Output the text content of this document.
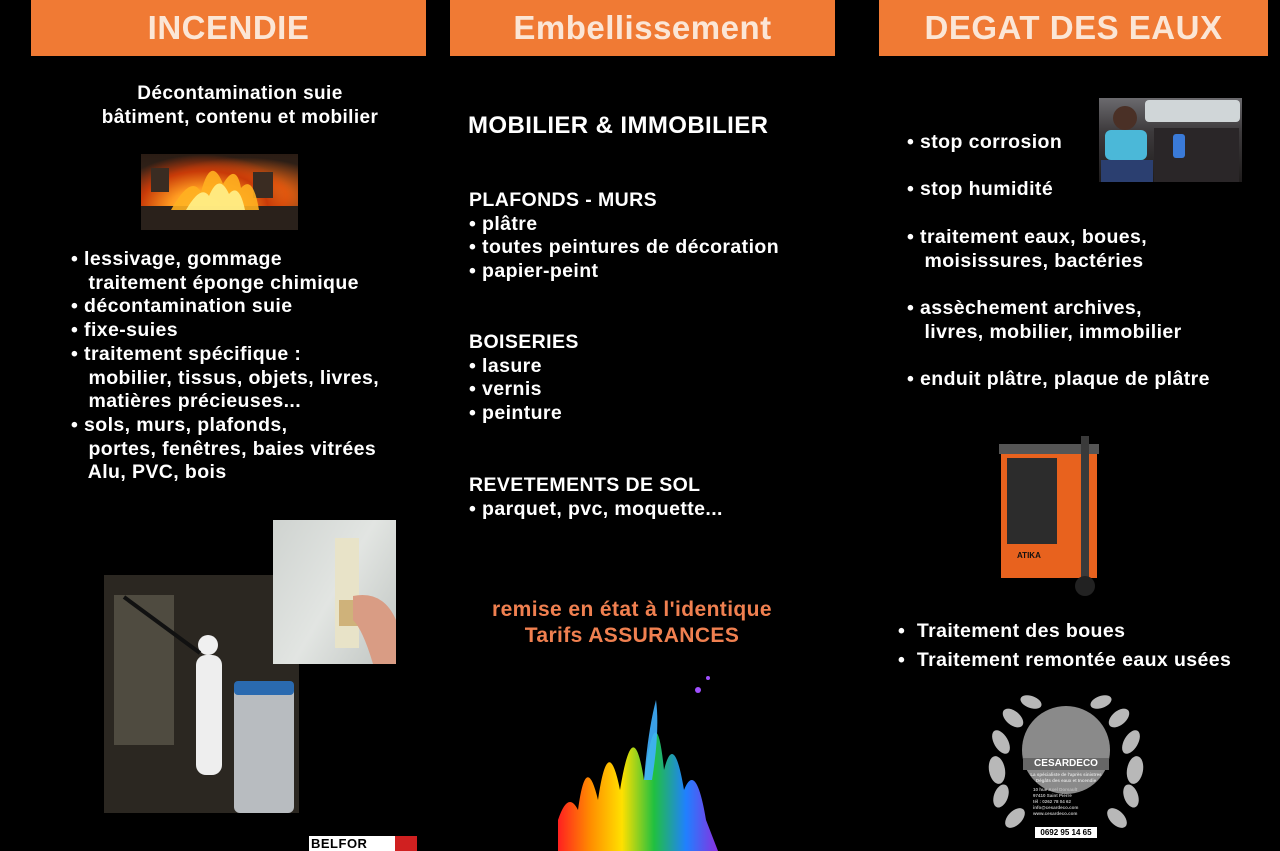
INCENDIE	Embellissement	DEGAT DES EAUX
Décontamination suie
bâtiment, contenu et mobilier
• lessivage, gommage
traitement éponge chimique
• décontamination suie
• fixe-suies
• traitement spécifique :
mobilier, tissus, objets, livres,
matières précieuses...
• sols, murs, plafonds,
portes, fenêtres, baies vitrées
Alu, PVC, bois
BELFOR
MOBILIER & IMMOBILIER
PLAFONDS - MURS
• plâtre
• toutes peintures de décoration
• papier-peint
BOISERIES
• lasure
• vernis
• peinture
REVETEMENTS DE SOL
• parquet, pvc, moquette...
remise en état à l'identique
Tarifs ASSURANCES
• stop corrosion

• stop humidité

• traitement eaux, boues,
moisissures, bactéries

• assèchement archives,
livres, mobilier, immobilier

• enduit plâtre, plaque de plâtre
ATIKA
•  Traitement des boues
•  Traitement remontée eaux usées
CESARDECO
La spécialiste de l'après sinistres
Dégâts des eaux et Incendie
10 hue Axel Dorsault
97410 Saint Pierre
tél : 0262 78 04 62
info@cesardeco.com
www.cesardeco.com
0692 95 14 65
